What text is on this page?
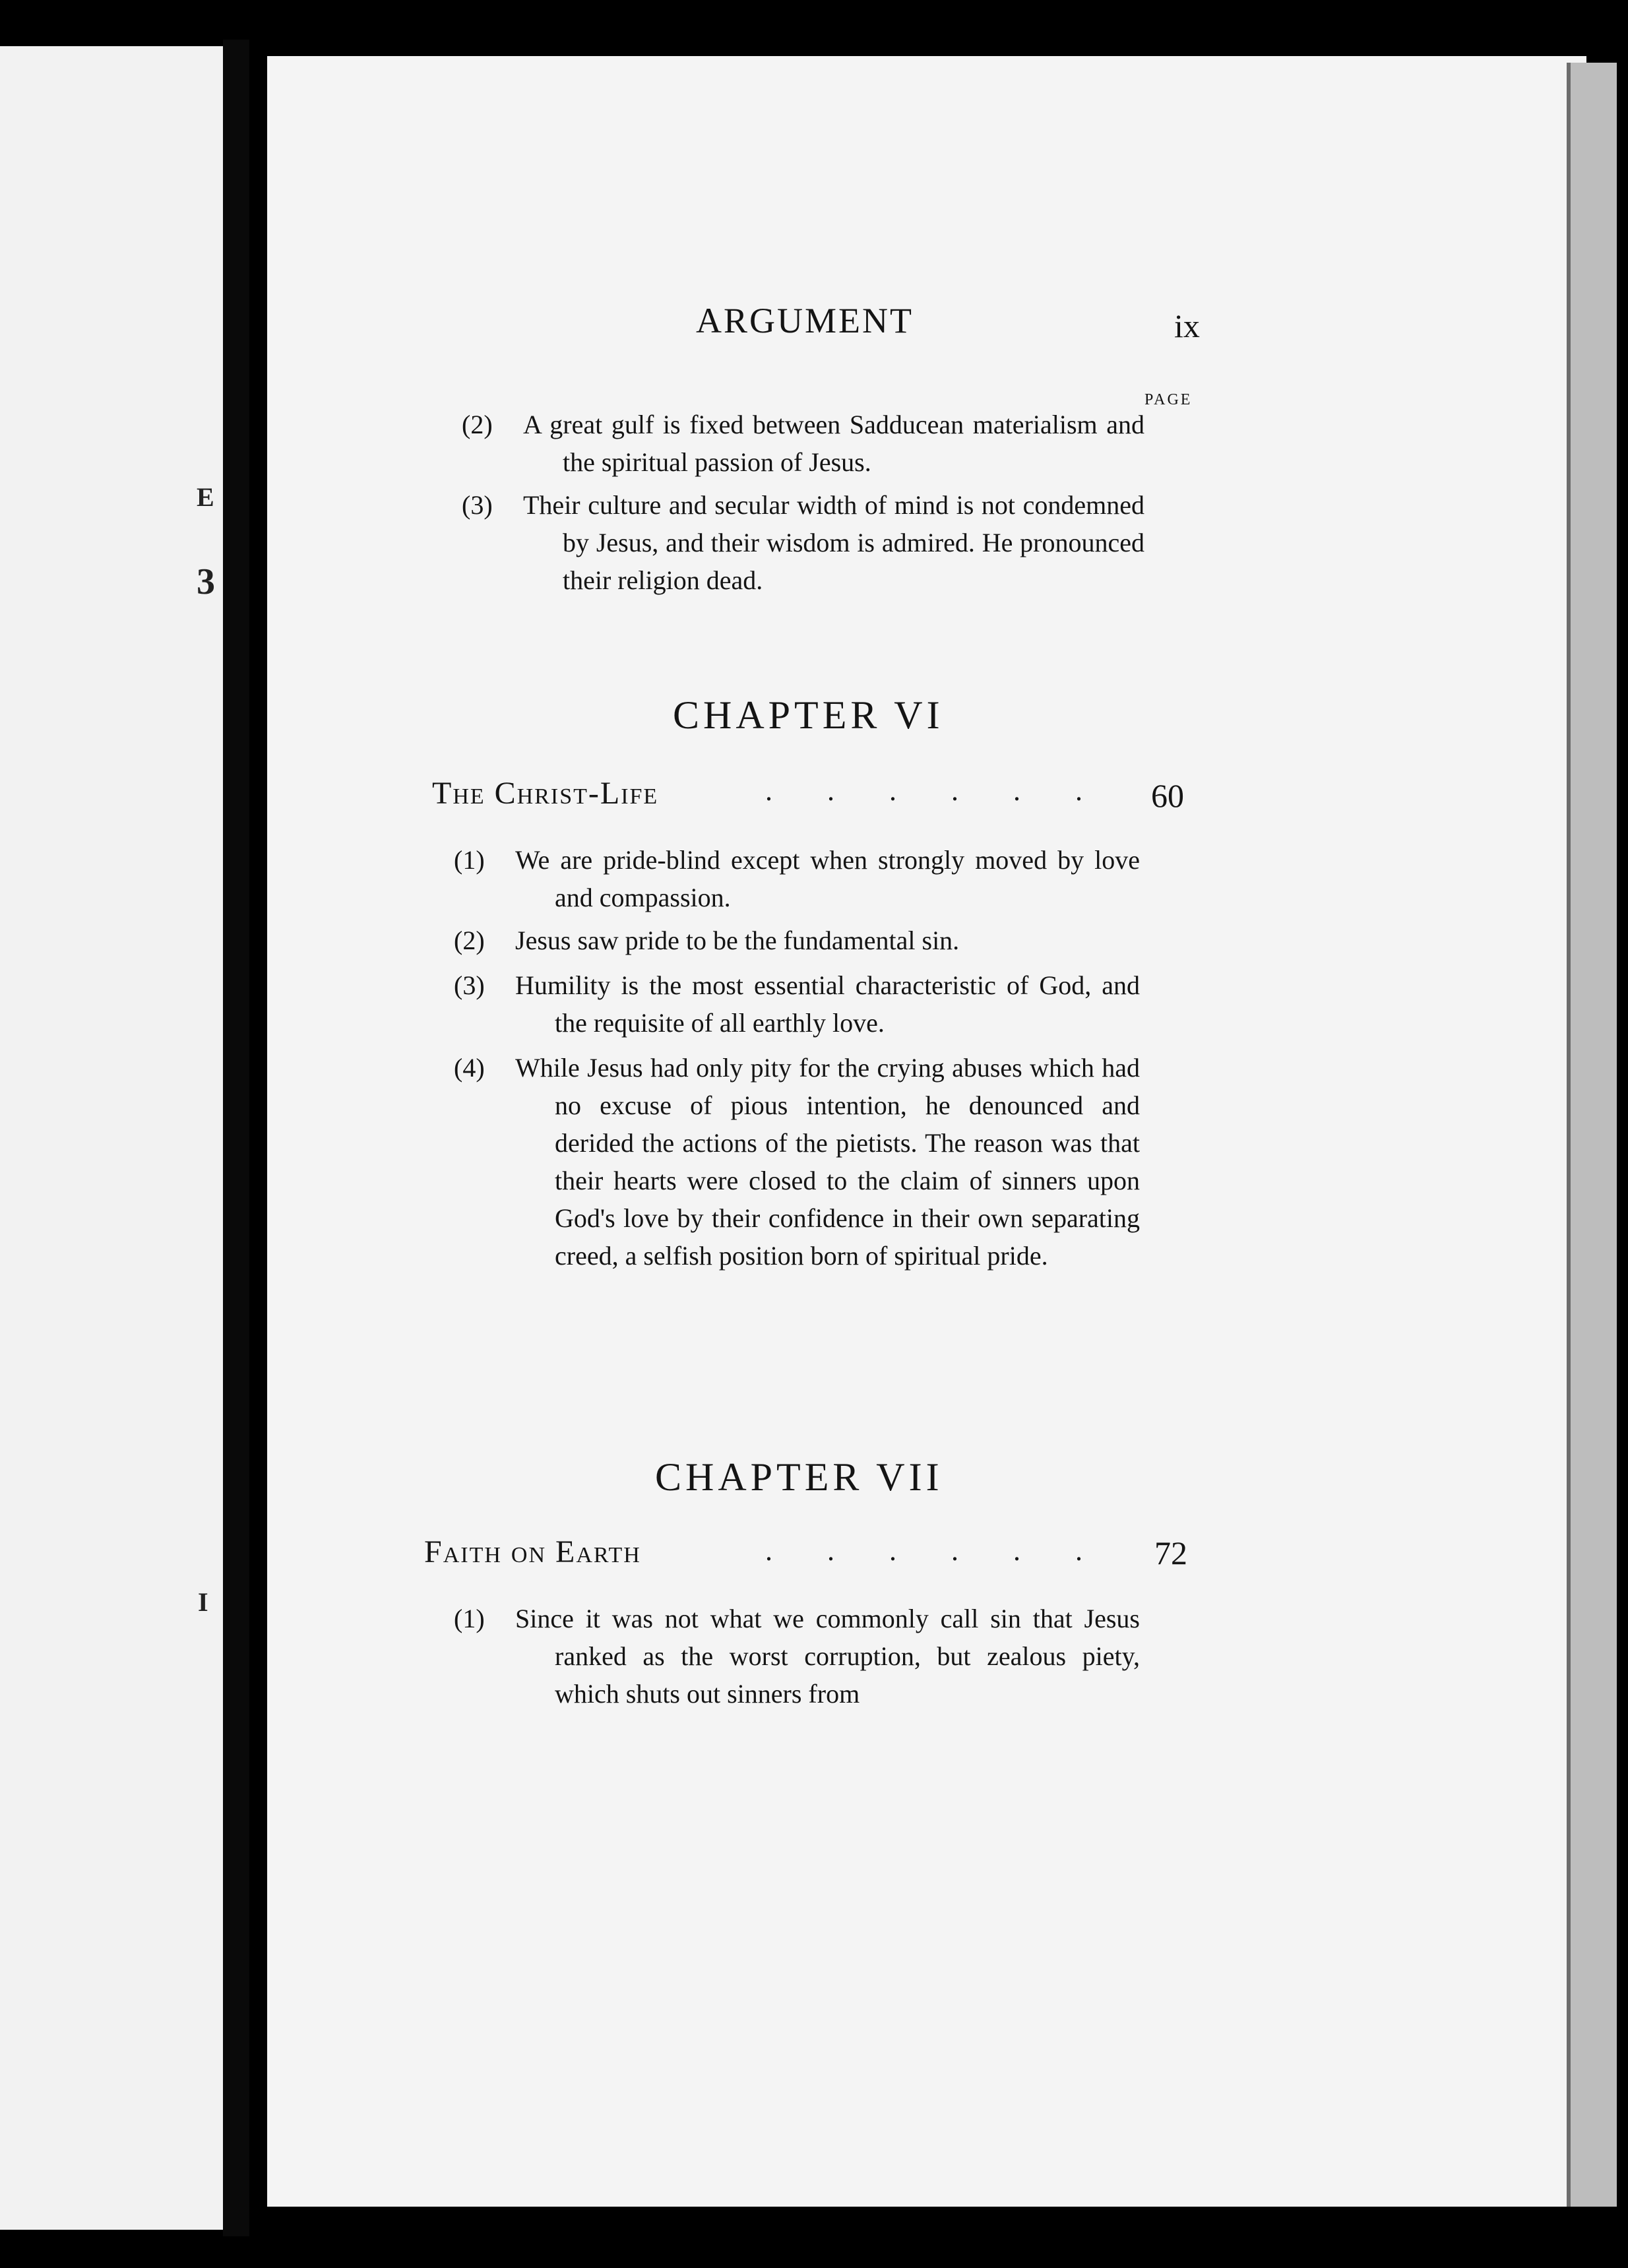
E
3
I
ARGUMENT	ix
PAGE
(2) A great gulf is fixed between Sadducean materialism and the spiritual passion of Jesus.
(3) Their culture and secular width of mind is not condemned by Jesus, and their wisdom is admired. He pronounced their religion dead.
CHAPTER VI
The Christ-Life	. . . . . . 60
(1) We are pride-blind except when strongly moved by love and compassion.
(2) Jesus saw pride to be the fundamental sin.
(3) Humility is the most essential characteristic of God, and the requisite of all earthly love.
(4) While Jesus had only pity for the crying abuses which had no excuse of pious intention, he denounced and derided the actions of the pietists. The reason was that their hearts were closed to the claim of sinners upon God's love by their confidence in their own separating creed, a selfish position born of spiritual pride.
CHAPTER VII
Faith on Earth	. . . . . . 72
(1) Since it was not what we commonly call sin that Jesus ranked as the worst corruption, but zealous piety, which shuts out sinners from
